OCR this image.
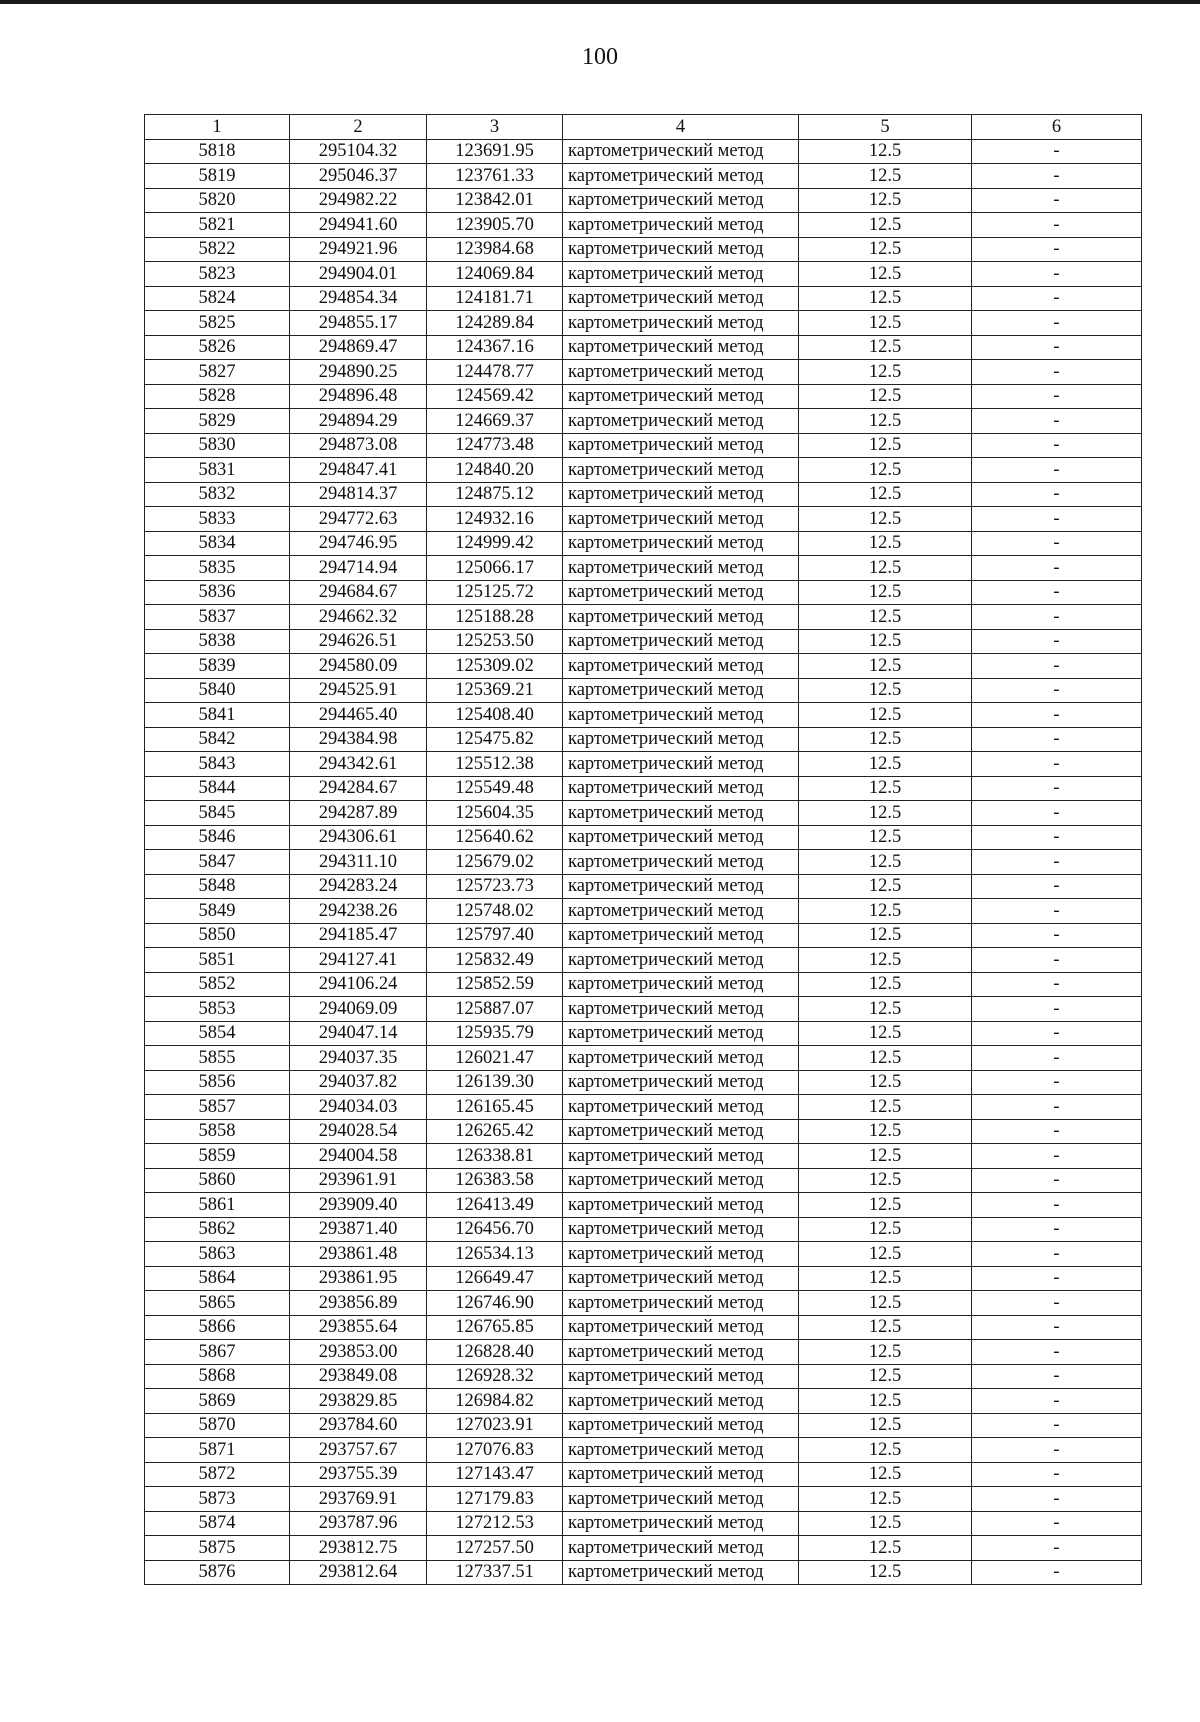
100
1	2	3	4	5	6
5818	295104.32	123691.95	картометрический метод	12.5	-
5819	295046.37	123761.33	картометрический метод	12.5	-
5820	294982.22	123842.01	картометрический метод	12.5	-
5821	294941.60	123905.70	картометрический метод	12.5	-
5822	294921.96	123984.68	картометрический метод	12.5	-
5823	294904.01	124069.84	картометрический метод	12.5	-
5824	294854.34	124181.71	картометрический метод	12.5	-
5825	294855.17	124289.84	картометрический метод	12.5	-
5826	294869.47	124367.16	картометрический метод	12.5	-
5827	294890.25	124478.77	картометрический метод	12.5	-
5828	294896.48	124569.42	картометрический метод	12.5	-
5829	294894.29	124669.37	картометрический метод	12.5	-
5830	294873.08	124773.48	картометрический метод	12.5	-
5831	294847.41	124840.20	картометрический метод	12.5	-
5832	294814.37	124875.12	картометрический метод	12.5	-
5833	294772.63	124932.16	картометрический метод	12.5	-
5834	294746.95	124999.42	картометрический метод	12.5	-
5835	294714.94	125066.17	картометрический метод	12.5	-
5836	294684.67	125125.72	картометрический метод	12.5	-
5837	294662.32	125188.28	картометрический метод	12.5	-
5838	294626.51	125253.50	картометрический метод	12.5	-
5839	294580.09	125309.02	картометрический метод	12.5	-
5840	294525.91	125369.21	картометрический метод	12.5	-
5841	294465.40	125408.40	картометрический метод	12.5	-
5842	294384.98	125475.82	картометрический метод	12.5	-
5843	294342.61	125512.38	картометрический метод	12.5	-
5844	294284.67	125549.48	картометрический метод	12.5	-
5845	294287.89	125604.35	картометрический метод	12.5	-
5846	294306.61	125640.62	картометрический метод	12.5	-
5847	294311.10	125679.02	картометрический метод	12.5	-
5848	294283.24	125723.73	картометрический метод	12.5	-
5849	294238.26	125748.02	картометрический метод	12.5	-
5850	294185.47	125797.40	картометрический метод	12.5	-
5851	294127.41	125832.49	картометрический метод	12.5	-
5852	294106.24	125852.59	картометрический метод	12.5	-
5853	294069.09	125887.07	картометрический метод	12.5	-
5854	294047.14	125935.79	картометрический метод	12.5	-
5855	294037.35	126021.47	картометрический метод	12.5	-
5856	294037.82	126139.30	картометрический метод	12.5	-
5857	294034.03	126165.45	картометрический метод	12.5	-
5858	294028.54	126265.42	картометрический метод	12.5	-
5859	294004.58	126338.81	картометрический метод	12.5	-
5860	293961.91	126383.58	картометрический метод	12.5	-
5861	293909.40	126413.49	картометрический метод	12.5	-
5862	293871.40	126456.70	картометрический метод	12.5	-
5863	293861.48	126534.13	картометрический метод	12.5	-
5864	293861.95	126649.47	картометрический метод	12.5	-
5865	293856.89	126746.90	картометрический метод	12.5	-
5866	293855.64	126765.85	картометрический метод	12.5	-
5867	293853.00	126828.40	картометрический метод	12.5	-
5868	293849.08	126928.32	картометрический метод	12.5	-
5869	293829.85	126984.82	картометрический метод	12.5	-
5870	293784.60	127023.91	картометрический метод	12.5	-
5871	293757.67	127076.83	картометрический метод	12.5	-
5872	293755.39	127143.47	картометрический метод	12.5	-
5873	293769.91	127179.83	картометрический метод	12.5	-
5874	293787.96	127212.53	картометрический метод	12.5	-
5875	293812.75	127257.50	картометрический метод	12.5	-
5876	293812.64	127337.51	картометрический метод	12.5	-
